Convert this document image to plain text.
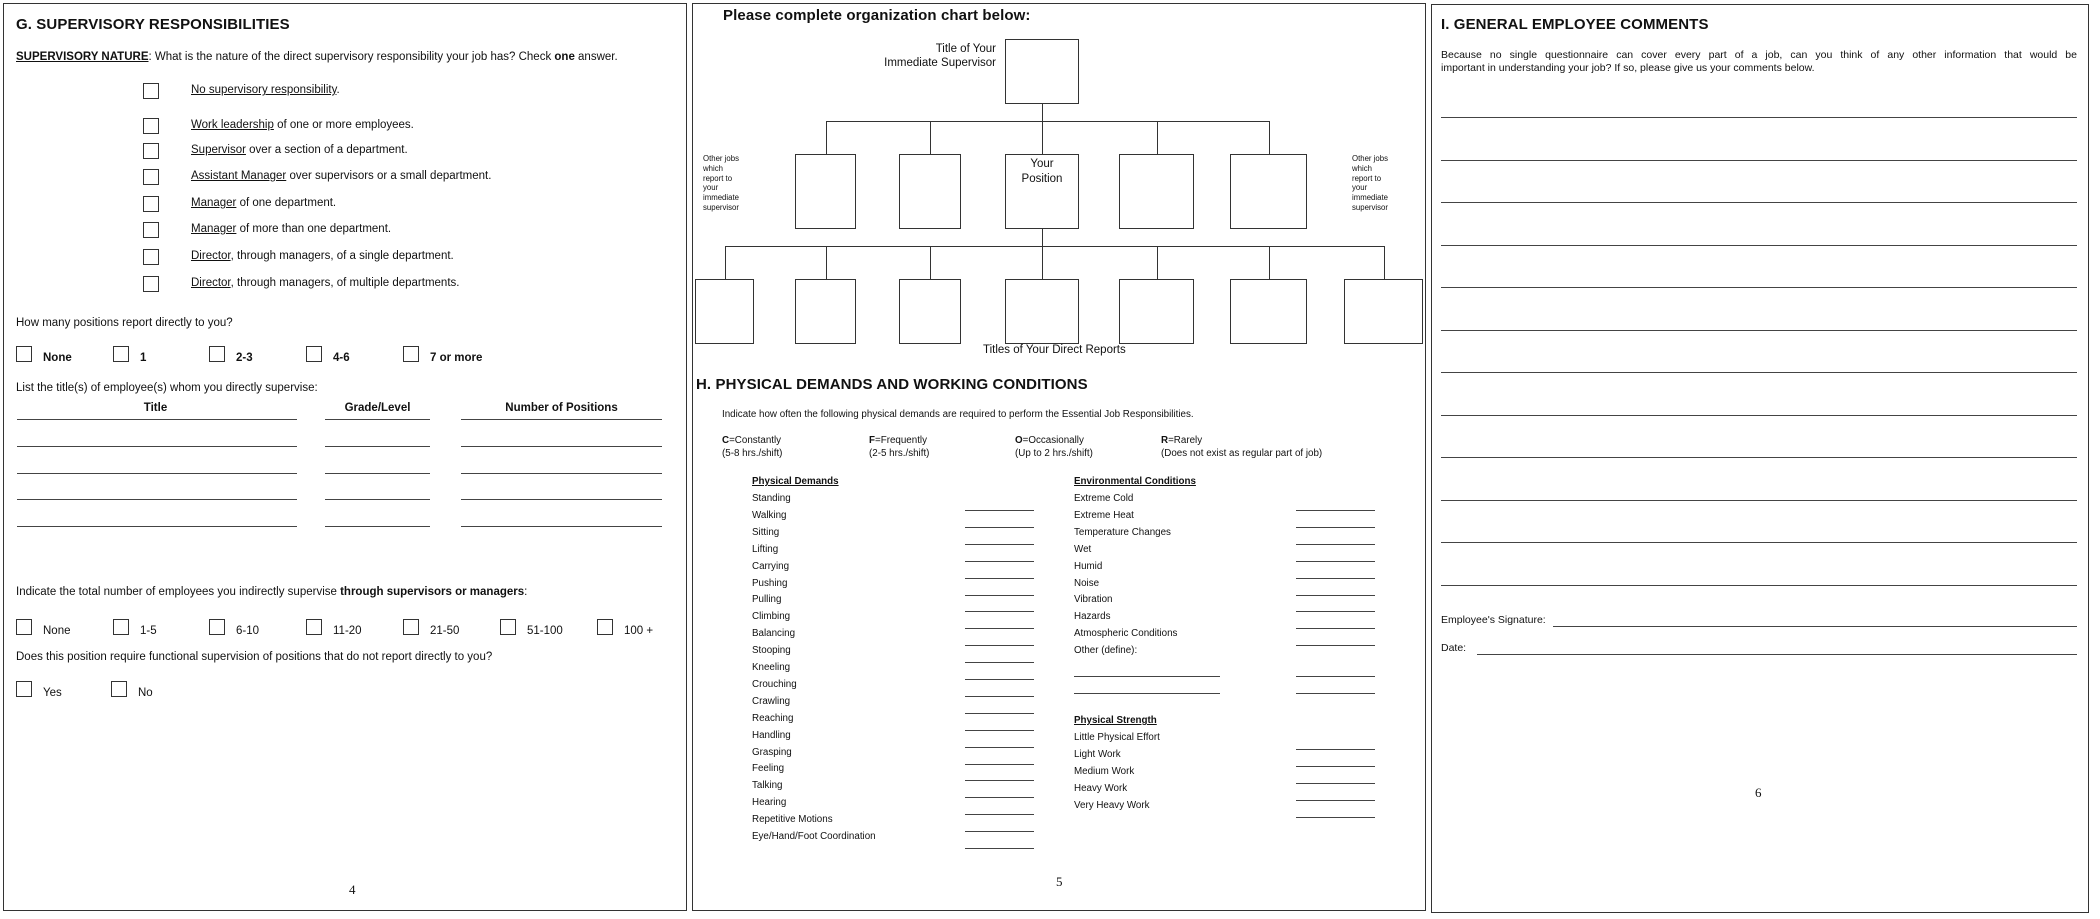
G. SUPERVISORY RESPONSIBILITIES
SUPERVISORY NATURE: What is the nature of the direct supervisory responsibility your job has? Check one answer.
No supervisory responsibility.
Work leadership of one or more employees.
Supervisor over a section of a department.
Assistant Manager over supervisors or a small department.
Manager of one department.
Manager of more than one department.
Director, through managers, of a single department.
Director, through managers, of multiple departments.
How many positions report directly to you?
None	1	2-3	4-6	7 or more
List the title(s) of employee(s) whom you directly supervise:
Title	Grade/Level	Number of Positions
Indicate the total number of employees you indirectly supervise through supervisors or managers:
None	1-5	6-10	11-20	21-50	51-100	100 +
Does this position require functional supervision of positions that do not report directly to you?
Yes	No
4
Please complete organization chart below:
Title of Your
Immediate Supervisor
Your
Position
Other jobs which report to your immediate supervisor
Other jobs which report to your immediate supervisor
Titles of Your Direct Reports
H. PHYSICAL DEMANDS AND WORKING CONDITIONS
Indicate how often the following physical demands are required to perform the Essential Job Responsibilities.
C=Constantly
(5-8 hrs./shift)
F=Frequently
(2-5 hrs./shift)
O=Occasionally
(Up to 2 hrs./shift)
R=Rarely
(Does not exist as regular part of job)
Physical Demands
Standing
Walking
Sitting
Lifting
Carrying
Pushing
Pulling
Climbing
Balancing
Stooping
Kneeling
Crouching
Crawling
Reaching
Handling
Grasping
Feeling
Talking
Hearing
Repetitive Motions
Eye/Hand/Foot Coordination
Environmental Conditions
Extreme Cold
Extreme Heat
Temperature Changes
Wet
Humid
Noise
Vibration
Hazards
Atmospheric Conditions
Other (define):
Physical Strength
Little Physical Effort
Light Work
Medium Work
Heavy Work
Very Heavy Work
5
I. GENERAL EMPLOYEE COMMENTS
Because no single questionnaire can cover every part of a job, can you think of any other information that would be
important in understanding your job? If so, please give us your comments below.
Employee's Signature:
Date:
6
